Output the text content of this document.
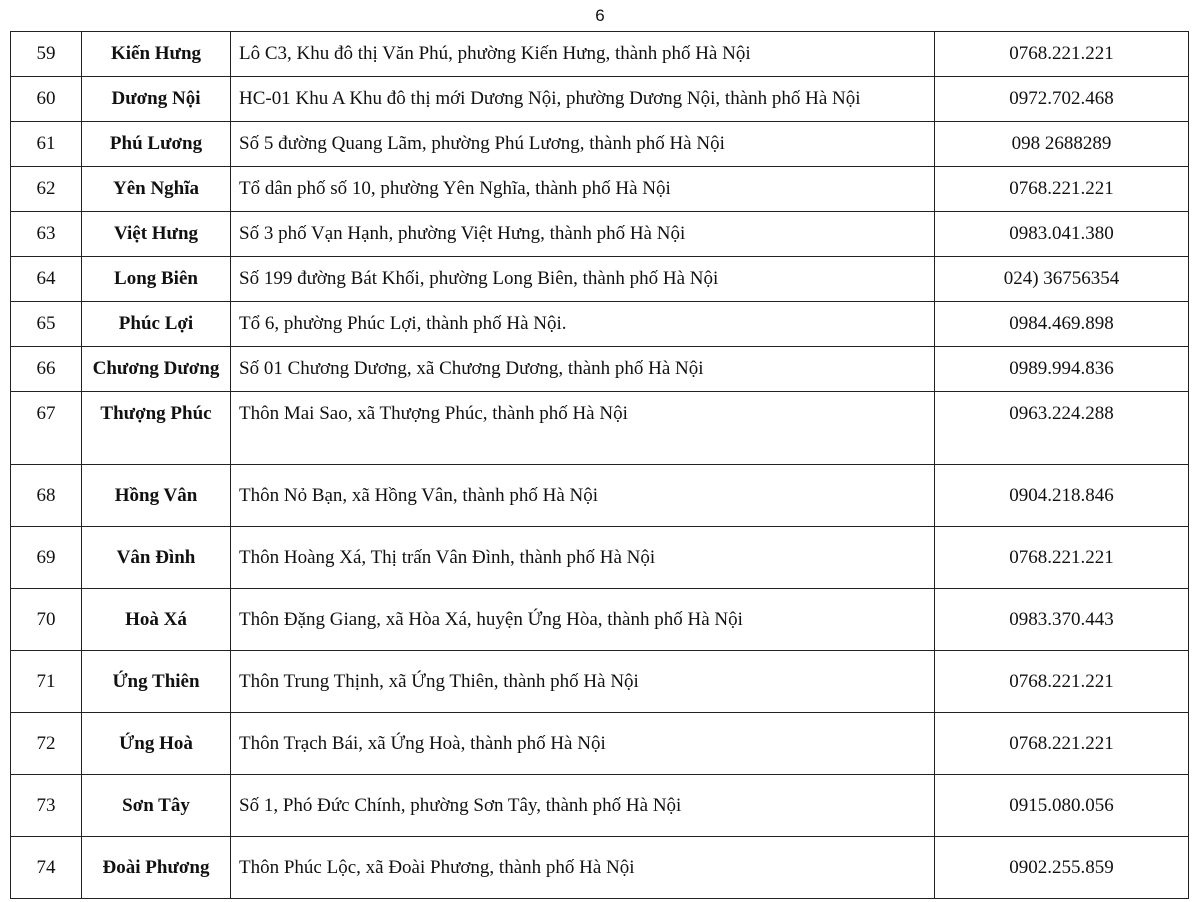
6
59	Kiến Hưng	Lô C3, Khu đô thị Văn Phú, phường Kiến Hưng, thành phố Hà Nội	0768.221.221
60	Dương Nội	HC-01 Khu A Khu đô thị mới Dương Nội, phường Dương Nội, thành phố Hà Nội	0972.702.468
61	Phú Lương	Số 5 đường Quang Lãm, phường Phú Lương, thành phố Hà Nội	098 2688289
62	Yên Nghĩa	Tổ dân phố số 10, phường Yên Nghĩa, thành phố Hà Nội	0768.221.221
63	Việt Hưng	Số 3 phố Vạn Hạnh, phường Việt Hưng, thành phố Hà Nội	0983.041.380
64	Long Biên	Số 199 đường Bát Khối, phường Long Biên, thành phố Hà Nội	024) 36756354
65	Phúc Lợi	Tổ 6, phường Phúc Lợi, thành phố Hà Nội.	0984.469.898
66	Chương Dương	Số 01 Chương Dương, xã Chương Dương, thành phố Hà Nội	0989.994.836
67	Thượng Phúc	Thôn Mai Sao, xã Thượng Phúc, thành phố Hà Nội	0963.224.288
68	Hồng Vân	Thôn Nỏ Bạn, xã Hồng Vân, thành phố Hà Nội	0904.218.846
69	Vân Đình	Thôn Hoàng Xá, Thị trấn Vân Đình, thành phố Hà Nội	0768.221.221
70	Hoà Xá	Thôn Đặng Giang, xã Hòa Xá, huyện Ứng Hòa, thành phố Hà Nội	0983.370.443
71	Ứng Thiên	Thôn Trung Thịnh, xã Ứng Thiên, thành phố Hà Nội	0768.221.221
72	Ứng Hoà	Thôn Trạch Bái, xã Ứng Hoà, thành phố Hà Nội	0768.221.221
73	Sơn Tây	Số 1, Phó Đức Chính, phường Sơn Tây, thành phố Hà Nội	0915.080.056
74	Đoài Phương	Thôn Phúc Lộc, xã Đoài Phương, thành phố Hà Nội	0902.255.859
